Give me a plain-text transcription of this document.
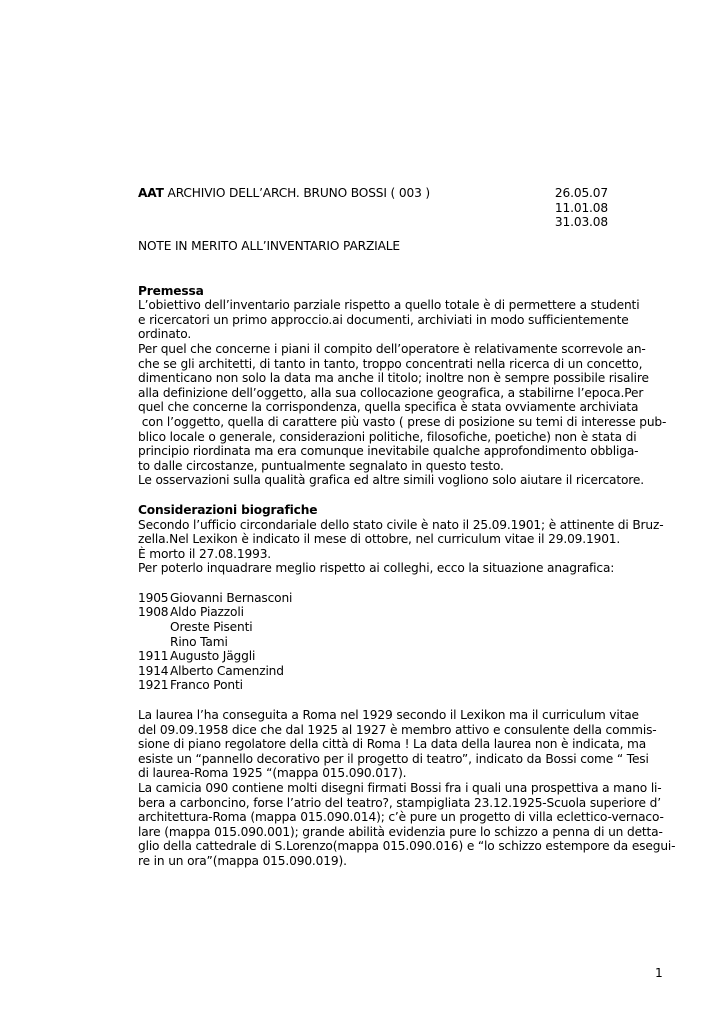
AAT ARCHIVIO DELL’ARCH. BRUNO BOSSI ( 003 )	26.05.07
11.01.08
31.03.08
NOTE IN MERITO ALL’INVENTARIO PARZIALE
Premessa
L’obiettivo dell’inventario parziale rispetto a quello totale è di permettere a studenti
e ricercatori un primo approccio.ai documenti, archiviati in modo sufficientemente
ordinato.
Per quel che concerne i piani il compito dell’operatore è relativamente scorrevole an-
che se gli architetti, di tanto in tanto, troppo concentrati nella ricerca di un concetto,
dimenticano non solo la data ma anche il titolo; inoltre non è sempre possibile risalire
alla definizione dell’oggetto, alla sua collocazione geografica, a stabilirne l’epoca.Per
quel che concerne la corrispondenza, quella specifica è stata ovviamente archiviata
con l’oggetto, quella di carattere più vasto ( prese di posizione su temi di interesse pub-
blico locale o generale, considerazioni politiche, filosofiche, poetiche) non è stata di
principio riordinata ma era comunque inevitabile qualche approfondimento obbliga-
to dalle circostanze, puntualmente segnalato in questo testo.
Le osservazioni sulla qualità grafica ed altre simili vogliono solo aiutare il ricercatore.
Considerazioni biografiche
Secondo l’ufficio circondariale dello stato civile è nato il 25.09.1901; è attinente di Bruz-
zella.Nel Lexikon è indicato il mese di ottobre, nel curriculum vitae il 29.09.1901.
È morto il 27.08.1993.
Per poterlo inquadrare meglio rispetto ai colleghi, ecco la situazione anagrafica:
1905 Giovanni Bernasconi
1908 Aldo Piazzoli
Oreste Pisenti
Rino Tami
1911 Augusto Jäggli
1914 Alberto Camenzind
1921 Franco Ponti
La laurea l’ha conseguita a Roma nel 1929 secondo il Lexikon ma il curriculum vitae
del 09.09.1958 dice che dal 1925 al 1927 è membro attivo e consulente della commis-
sione di piano regolatore della città di Roma ! La data della laurea non è indicata, ma
esiste un “pannello decorativo per il progetto di teatro”, indicato da Bossi come “ Tesi
di laurea-Roma 1925 “(mappa 015.090.017).
La camicia 090 contiene molti disegni firmati Bossi fra i quali una prospettiva a mano li-
bera a carboncino, forse l’atrio del teatro?, stampigliata 23.12.1925-Scuola superiore d’
architettura-Roma (mappa 015.090.014); c’è pure un progetto di villa eclettico-vernaco-
lare (mappa 015.090.001); grande abilità evidenzia pure lo schizzo a penna di un detta-
glio della cattedrale di S.Lorenzo(mappa 015.090.016) e “lo schizzo estempore da esegui-
re in un ora”(mappa 015.090.019).
1
